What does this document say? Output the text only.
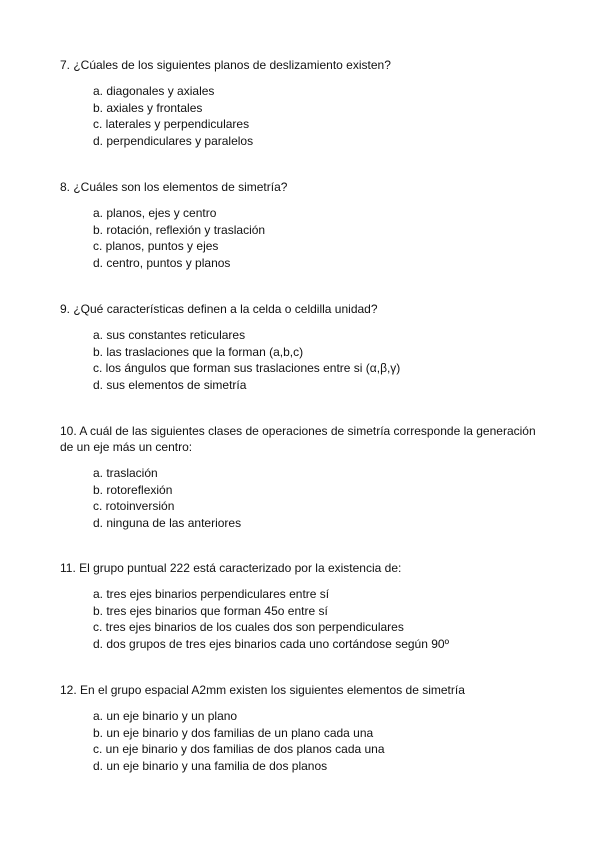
7. ¿Cúales de los siguientes planos de deslizamiento existen?

a. diagonales y axiales
b. axiales y frontales
c. laterales y perpendiculares
d. perpendiculares y paralelos

8. ¿Cuáles son los elementos de simetría?

a. planos, ejes y centro
b. rotación, reflexión y traslación
c. planos, puntos y ejes
d. centro, puntos y planos

9. ¿Qué características definen a la celda o celdilla unidad?

a. sus constantes reticulares
b. las traslaciones que la forman (a,b,c)
c. los ángulos que forman sus traslaciones entre si (α,β,γ)
d. sus elementos de simetría

10. A cuál de las siguientes clases de operaciones de simetría corresponde la generación de un eje más un centro:

a. traslación
b. rotoreflexión
c. rotoinversión
d. ninguna de las anteriores

11. El grupo puntual 222 está caracterizado por la existencia de:

a. tres ejes binarios perpendiculares entre sí
b. tres ejes binarios que forman 45o entre sí
c. tres ejes binarios de los cuales dos son perpendiculares
d. dos grupos de tres ejes binarios cada uno cortándose según 90º

12. En el grupo espacial A2mm existen los siguientes elementos de simetría

a. un eje binario y un plano
b. un eje binario y dos familias de un plano cada una
c. un eje binario y dos familias de dos planos cada una
d. un eje binario y una familia de dos planos
